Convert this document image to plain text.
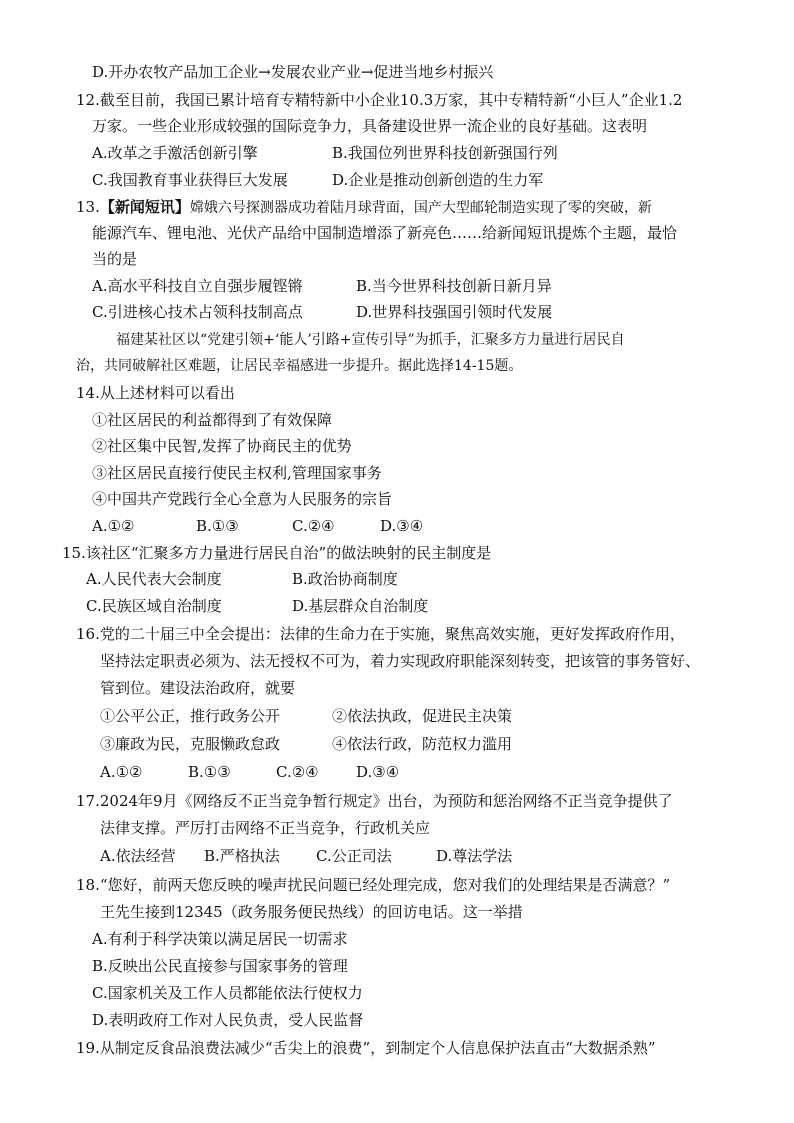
D.开办农牧产品加工企业→发展农业产业→促进当地乡村振兴
12.截至目前，我国已累计培育专精特新中小企业10.3万家，其中专精特新“小巨人”企业1.2
万家。一些企业形成较强的国际竞争力，具备建设世界一流企业的良好基础。这表明
A.改革之手激活创新引擎	B.我国位列世界科技创新强国行列
C.我国教育事业获得巨大发展	D.企业是推动创新创造的生力军
13.【新闻短讯】嫦娥六号探测器成功着陆月球背面，国产大型邮轮制造实现了零的突破，新
能源汽车、锂电池、光伏产品给中国制造增添了新亮色……给新闻短讯提炼个主题，最恰
当的是
A.高水平科技自立自强步履铿锵	B.当今世界科技创新日新月异
C.引进核心技术占领科技制高点	D.世界科技强国引领时代发展
福建某社区以“党建引领+‘能人’引路+宣传引导”为抓手，汇聚多方力量进行居民自
治，共同破解社区难题，让居民幸福感进一步提升。据此选择14-15题。
14.从上述材料可以看出
①社区居民的利益都得到了有效保障
②社区集中民智,发挥了协商民主的优势
③社区居民直接行使民主权利,管理国家事务
④中国共产党践行全心全意为人民服务的宗旨
A.①②	B.①③	C.②④	D.③④
15.该社区“汇聚多方力量进行居民自治”的做法映射的民主制度是
A.人民代表大会制度	B.政治协商制度
C.民族区域自治制度	D.基层群众自治制度
16.党的二十届三中全会提出：法律的生命力在于实施，聚焦高效实施，更好发挥政府作用，
坚持法定职责必须为、法无授权不可为，着力实现政府职能深刻转变，把该管的事务管好、
管到位。建设法治政府，就要
①公平公正，推行政务公开	②依法执政，促进民主决策
③廉政为民，克服懒政怠政	④依法行政，防范权力滥用
A.①②	B.①③	C.②④ D.③④
17.2024年9月《网络反不正当竞争暂行规定》出台，为预防和惩治网络不正当竞争提供了
法律支撑。严厉打击网络不正当竞争，行政机关应
A.依法经营 B.严格执法 C.公正司法	D.尊法学法
18.“您好，前两天您反映的噪声扰民问题已经处理完成，您对我们的处理结果是否满意？”
王先生接到12345（政务服务便民热线）的回访电话。这一举措
A.有利于科学决策以满足居民一切需求
B.反映出公民直接参与国家事务的管理
C.国家机关及工作人员都能依法行使权力
D.表明政府工作对人民负责，受人民监督
19.从制定反食品浪费法减少“舌尖上的浪费”，到制定个人信息保护法直击“大数据杀熟”
